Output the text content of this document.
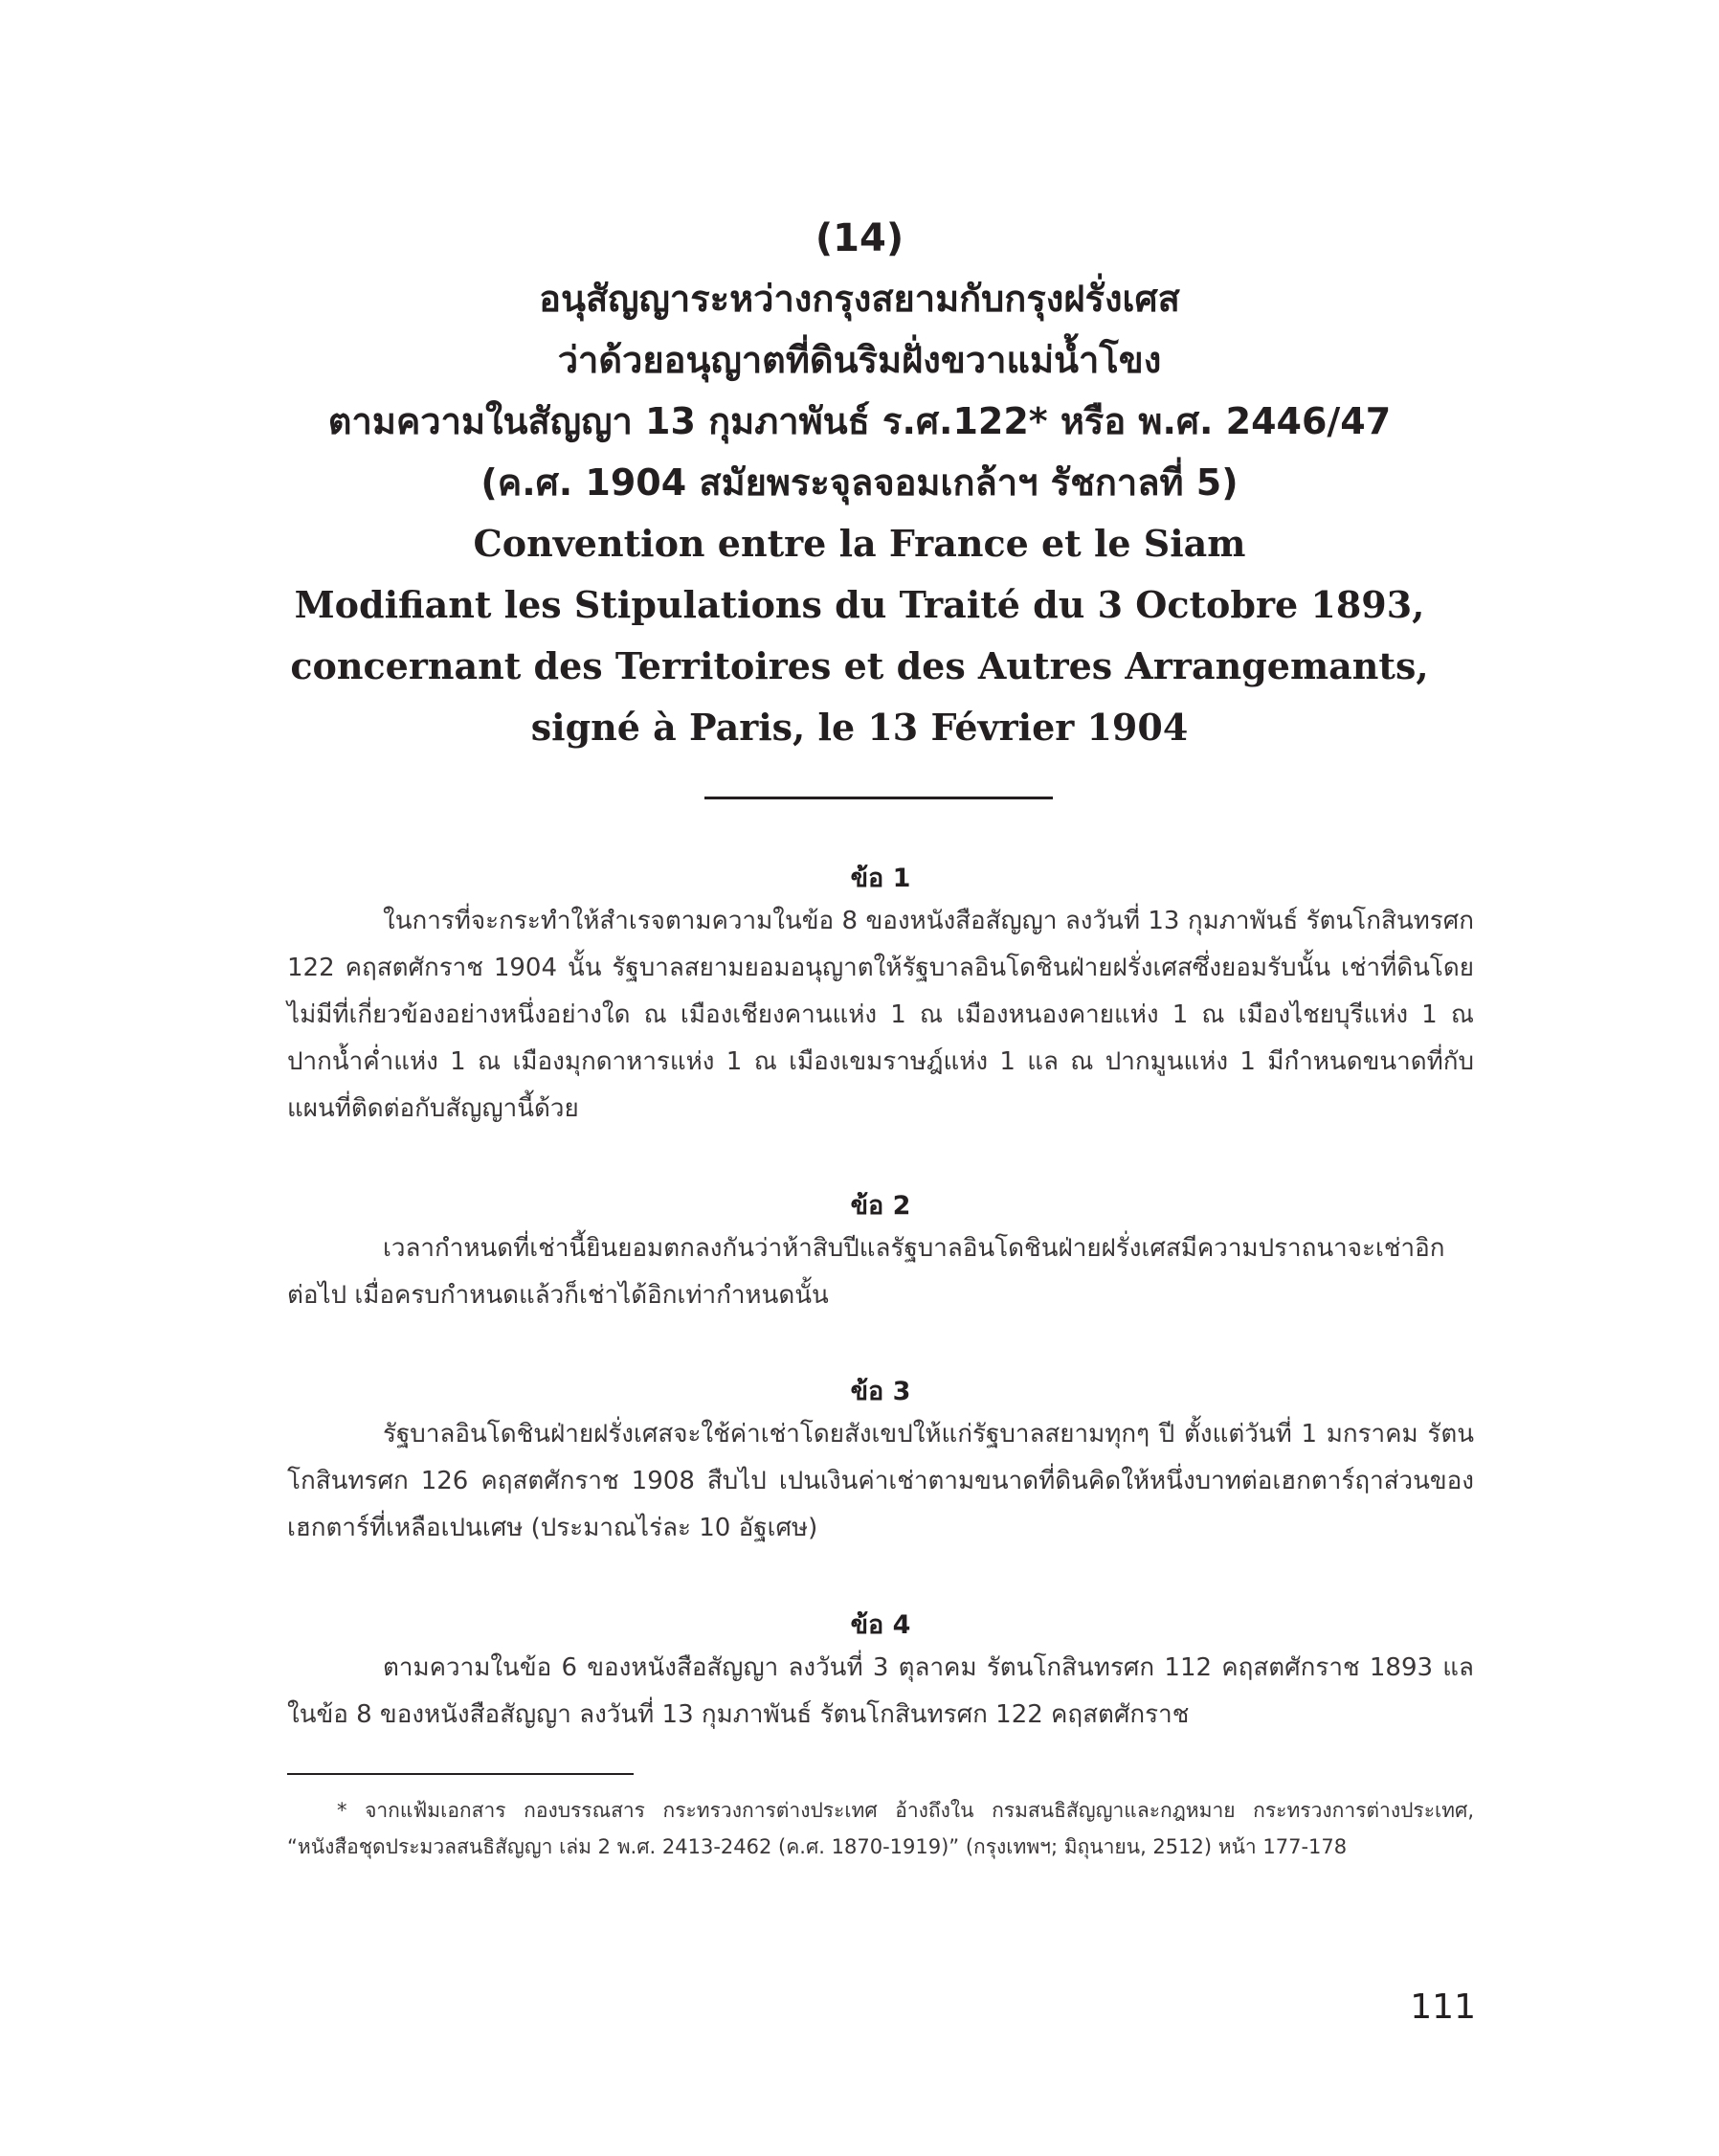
(14)
อนุสัญญาระหว่างกรุงสยามกับกรุงฝรั่งเศส
ว่าด้วยอนุญาตที่ดินริมฝั่งขวาแม่น้ำโขง
ตามความในสัญญา 13 กุมภาพันธ์ ร.ศ.122* หรือ พ.ศ. 2446/47
(ค.ศ. 1904 สมัยพระจุลจอมเกล้าฯ รัชกาลที่ 5)
Convention entre la France et le Siam
Modifiant les Stipulations du Traité du 3 Octobre 1893,
concernant des Territoires et des Autres Arrangemants,
signé à Paris, le 13 Février 1904
ข้อ 1
ในการที่จะกระทำให้สำเรจตามความในข้อ 8 ของหนังสือสัญญา ลงวันที่ 13 กุมภาพันธ์ รัตนโกสินทรศก 122 คฤสตศักราช 1904 นั้น รัฐบาลสยามยอมอนุญาตให้รัฐบาลอินโดชินฝ่ายฝรั่งเศสซึ่งยอมรับนั้น เช่าที่ดินโดยไม่มีที่เกี่ยวข้องอย่างหนึ่งอย่างใด ณ เมืองเชียงคานแห่ง 1 ณ เมืองหนองคายแห่ง 1 ณ เมืองไชยบุรีแห่ง 1 ณ ปากน้ำค่ำแห่ง 1 ณ เมืองมุกดาหารแห่ง 1 ณ เมืองเขมราษฎ์แห่ง 1 แล ณ ปากมูนแห่ง 1 มีกำหนดขนาดที่กับแผนที่ติดต่อกับสัญญานี้ด้วย
ข้อ 2
เวลากำหนดที่เช่านี้ยินยอมตกลงกันว่าห้าสิบปีแลรัฐบาลอินโดชินฝ่ายฝรั่งเศสมีความปราถนาจะเช่าอิกต่อไป เมื่อครบกำหนดแล้วก็เช่าได้อิกเท่ากำหนดนั้น
ข้อ 3
รัฐบาลอินโดชินฝ่ายฝรั่งเศสจะใช้ค่าเช่าโดยสังเขปให้แก่รัฐบาลสยามทุกๆ ปี ตั้งแต่วันที่ 1 มกราคม รัตนโกสินทรศก 126 คฤสตศักราช 1908 สืบไป เปนเงินค่าเช่าตามขนาดที่ดินคิดให้หนึ่งบาทต่อเฮกตาร์ฤาส่วนของเฮกตาร์ที่เหลือเปนเศษ (ประมาณไร่ละ 10 อัฐเศษ)
ข้อ 4
ตามความในข้อ 6 ของหนังสือสัญญา ลงวันที่ 3 ตุลาคม รัตนโกสินทรศก 112 คฤสตศักราช 1893 แลในข้อ 8 ของหนังสือสัญญา ลงวันที่ 13 กุมภาพันธ์ รัตนโกสินทรศก 122 คฤสตศักราช
* จากแฟ้มเอกสาร กองบรรณสาร กระทรวงการต่างประเทศ อ้างถึงใน กรมสนธิสัญญาและกฎหมาย กระทรวงการต่างประเทศ, “หนังสือชุดประมวลสนธิสัญญา เล่ม 2 พ.ศ. 2413-2462 (ค.ศ. 1870-1919)” (กรุงเทพฯ; มิถุนายน, 2512) หน้า 177-178
111
